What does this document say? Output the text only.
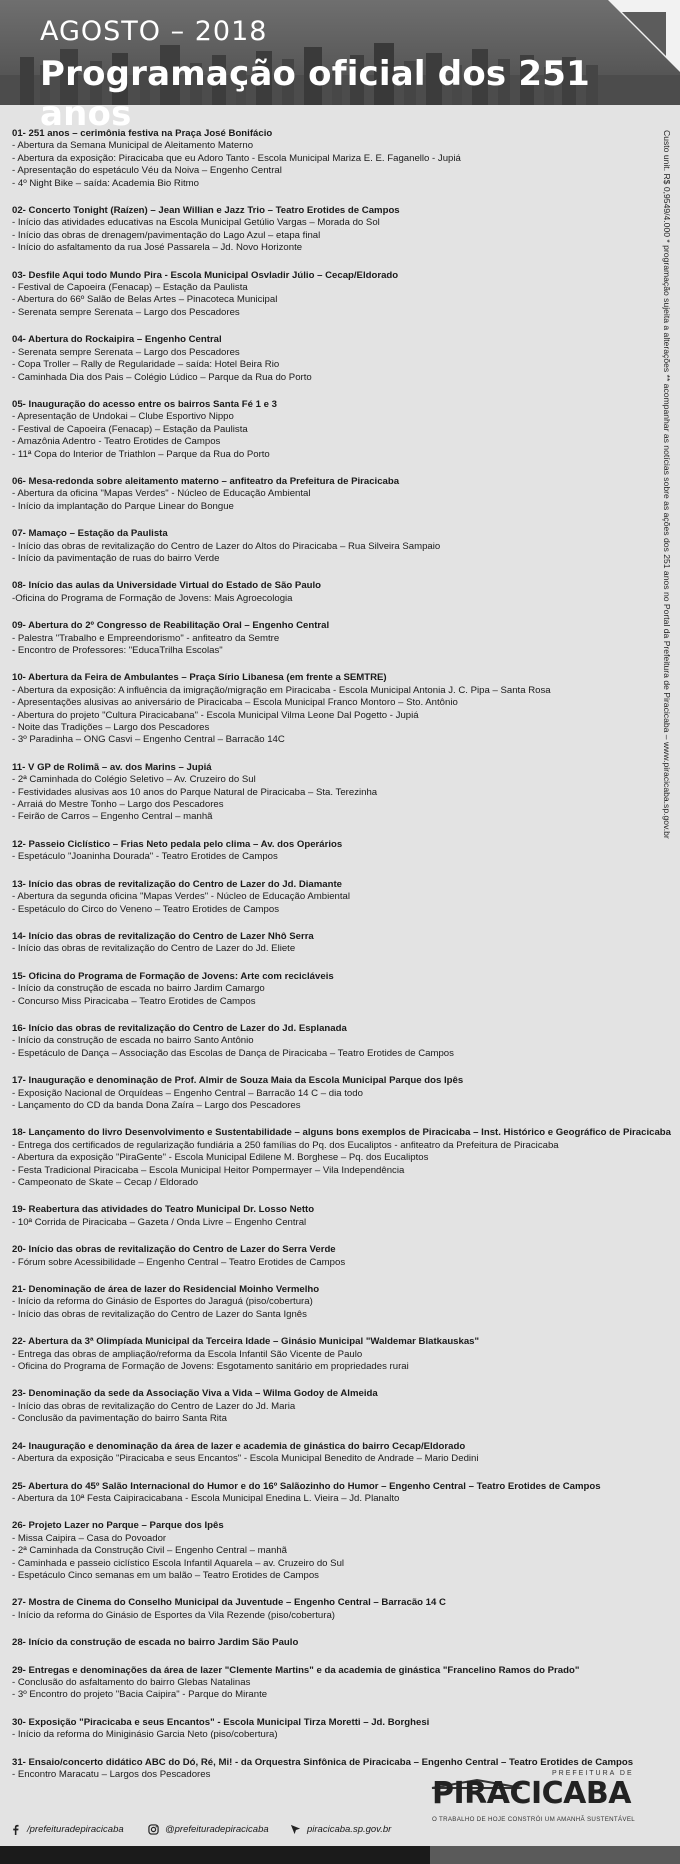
AGOSTO – 2018
Programação oficial dos 251 anos
01- 251 anos – cerimônia festiva na Praça José Bonifácio
- Abertura da Semana Municipal de Aleitamento Materno
- Abertura da exposição: Piracicaba que eu Adoro Tanto - Escola Municipal Mariza E. E. Faganello - Jupiá
- Apresentação do espetáculo Véu da Noiva – Engenho Central
- 4º Night Bike – saída: Academia Bio Ritmo
02- Concerto Tonight (Raízen) – Jean Willian e Jazz Trio – Teatro Erotides de Campos
- Início das atividades educativas na Escola Municipal Getúlio Vargas – Morada do Sol
- Início das obras de drenagem/pavimentação do Lago Azul – etapa final
- Início do asfaltamento da rua José Passarela – Jd. Novo Horizonte
03- Desfile Aqui todo Mundo Pira - Escola Municipal Osvladir Júlio – Cecap/Eldorado
- Festival de Capoeira (Fenacap) – Estação da Paulista
- Abertura do 66º Salão de Belas Artes – Pinacoteca Municipal
- Serenata sempre Serenata – Largo dos Pescadores
04- Abertura do Rockaipira – Engenho Central
- Serenata sempre Serenata – Largo dos Pescadores
- Copa Troller – Rally de Regularidade – saída: Hotel Beira Rio
- Caminhada Dia dos Pais – Colégio Lúdico – Parque da Rua do Porto
05- Inauguração do acesso entre os bairros Santa Fé 1 e 3
- Apresentação de Undokai – Clube Esportivo Nippo
- Festival de Capoeira (Fenacap) – Estação da Paulista
- Amazônia Adentro - Teatro Erotides de Campos
- 11ª Copa do Interior de Triathlon – Parque da Rua do Porto
06- Mesa-redonda sobre aleitamento materno – anfiteatro da Prefeitura de Piracicaba
- Abertura da oficina "Mapas Verdes" - Núcleo de Educação Ambiental
- Início da implantação do Parque Linear do Bongue
07- Mamaço – Estação da Paulista
- Início das obras de revitalização do Centro de Lazer do Altos do Piracicaba – Rua Silveira Sampaio
- Início da pavimentação de ruas do bairro Verde
08- Início das aulas da Universidade Virtual do Estado de São Paulo
-Oficina do Programa de Formação de Jovens: Mais Agroecologia
09- Abertura do 2º Congresso de Reabilitação Oral – Engenho Central
- Palestra "Trabalho e Empreendorismo" - anfiteatro da Semtre
- Encontro de Professores: "EducaTrilha Escolas"
10- Abertura da Feira de Ambulantes – Praça Sírio Libanesa (em frente a SEMTRE)
- Abertura da exposição: A influência da imigração/migração em Piracicaba - Escola Municipal Antonia J. C. Pipa – Santa Rosa
- Apresentações alusivas ao aniversário de Piracicaba – Escola Municipal Franco Montoro – Sto. Antônio
- Abertura do projeto "Cultura Piracicabana" - Escola Municipal Vilma Leone Dal Pogetto - Jupiá
- Noite das Tradições – Largo dos Pescadores
- 3º Paradinha – ONG Casvi – Engenho Central – Barracão 14C
11- V GP de Rolimã – av. dos Marins – Jupiá
- 2ª Caminhada do Colégio Seletivo – Av. Cruzeiro do Sul
- Festividades alusivas aos 10 anos do Parque Natural de Piracicaba – Sta. Terezinha
- Arraiá do Mestre Tonho – Largo dos Pescadores
- Feirão de Carros – Engenho Central – manhã
12- Passeio Ciclístico – Frias Neto pedala pelo clima – Av. dos Operários
- Espetáculo "Joaninha Dourada" - Teatro Erotides de Campos
13- Início das obras de revitalização do Centro de Lazer do Jd. Diamante
- Abertura da segunda oficina "Mapas Verdes" - Núcleo de Educação Ambiental
- Espetáculo do Circo do Veneno – Teatro Erotides de Campos
14- Início das obras de revitalização do Centro de Lazer Nhô Serra
- Início das obras de revitalização do Centro de Lazer do Jd. Eliete
15- Oficina do Programa de Formação de Jovens: Arte com recicláveis
- Início da construção de escada no bairro Jardim Camargo
- Concurso Miss Piracicaba – Teatro Erotides de Campos
16- Início das obras de revitalização do Centro de Lazer do Jd. Esplanada
- Início da construção de escada no bairro Santo Antônio
- Espetáculo de Dança – Associação das Escolas de Dança de Piracicaba – Teatro Erotides de Campos
17- Inauguração e denominação de Prof. Almir de Souza Maia da Escola Municipal Parque dos Ipês
- Exposição Nacional de Orquídeas – Engenho Central – Barracão 14 C – dia todo
- Lançamento do CD da banda Dona Zaíra – Largo dos Pescadores
18- Lançamento do livro Desenvolvimento e Sustentabilidade – alguns bons exemplos de Piracicaba – Inst. Histórico e Geográfico de Piracicaba
- Entrega dos certificados de regularização fundiária a 250 famílias do Pq. dos Eucaliptos - anfiteatro da Prefeitura de Piracicaba
- Abertura da exposição "PiraGente" - Escola Municipal Edilene M. Borghese – Pq. dos Eucaliptos
- Festa Tradicional Piracicaba – Escola Municipal Heitor Pompermayer – Vila Independência
- Campeonato de Skate – Cecap / Eldorado
19- Reabertura das atividades do Teatro Municipal Dr. Losso Netto
- 10ª Corrida de Piracicaba – Gazeta / Onda Livre – Engenho Central
20- Início das obras de revitalização do Centro de Lazer do Serra Verde
- Fórum sobre Acessibilidade – Engenho Central – Teatro Erotides de Campos
21- Denominação de área de lazer do Residencial Moinho Vermelho
- Início da reforma do Ginásio de Esportes do Jaraguá (piso/cobertura)
- Início das obras de revitalização do Centro de Lazer do Santa Ignês
22- Abertura da 3ª Olimpíada Municipal da Terceira Idade – Ginásio Municipal "Waldemar Blatkauskas"
- Entrega das obras de ampliação/reforma da Escola Infantil São Vicente de Paulo
- Oficina do Programa de Formação de Jovens: Esgotamento sanitário em propriedades rurai
23- Denominação da sede da Associação Viva a Vida – Wilma Godoy de Almeida
- Início das obras de revitalização do Centro de Lazer do Jd. Maria
- Conclusão da pavimentação do bairro Santa Rita
24- Inauguração e denominação da área de lazer e academia de ginástica do bairro Cecap/Eldorado
- Abertura da exposição "Piracicaba e seus Encantos" - Escola Municipal Benedito de Andrade – Mario Dedini
25- Abertura do 45º Salão Internacional do Humor e do 16º Salãozinho do Humor – Engenho Central – Teatro Erotides de Campos
- Abertura da 10ª Festa Caipiracicabana - Escola Municipal Enedina L. Vieira – Jd. Planalto
26- Projeto Lazer no Parque – Parque dos Ipês
- Missa Caipira – Casa do Povoador
- 2ª Caminhada da Construção Civil – Engenho Central – manhã
- Caminhada e passeio ciclístico Escola Infantil Aquarela – av. Cruzeiro do Sul
- Espetáculo Cinco semanas em um balão – Teatro Erotides de Campos
27- Mostra de Cinema do Conselho Municipal da Juventude – Engenho Central – Barracão 14 C
- Início da reforma do Ginásio de Esportes da Vila Rezende (piso/cobertura)
28- Início da construção de escada no bairro Jardim São Paulo
29- Entregas e denominações da área de lazer "Clemente Martins" e da academia de ginástica "Francelino Ramos do Prado"
- Conclusão do asfaltamento do bairro Glebas Natalinas
- 3º Encontro do projeto "Bacia Caipira" - Parque do Mirante
30- Exposição "Piracicaba e seus Encantos" - Escola Municipal Tirza Moretti – Jd. Borghesi
- Início da reforma do Miniginásio Garcia Neto (piso/cobertura)
31- Ensaio/concerto didático ABC do Dó, Ré, Mi! - da Orquestra Sinfônica de Piracicaba – Engenho Central – Teatro Erotides de Campos
- Encontro Maracatu – Largos dos Pescadores
Custo unit. R$ 0,9549/4.000 * programação sujeita a alterações ** acompanhar as notícias sobre as ações dos 251 anos no Portal da Prefeitura de Piracicaba – www.piracicaba.sp.gov.br
PREFEITURA DE
PIRACICABA
O TRABALHO DE HOJE CONSTRÓI UM AMANHÃ SUSTENTÁVEL
/prefeituradepiracicaba	@prefeituradepiracicaba	piracicaba.sp.gov.br
